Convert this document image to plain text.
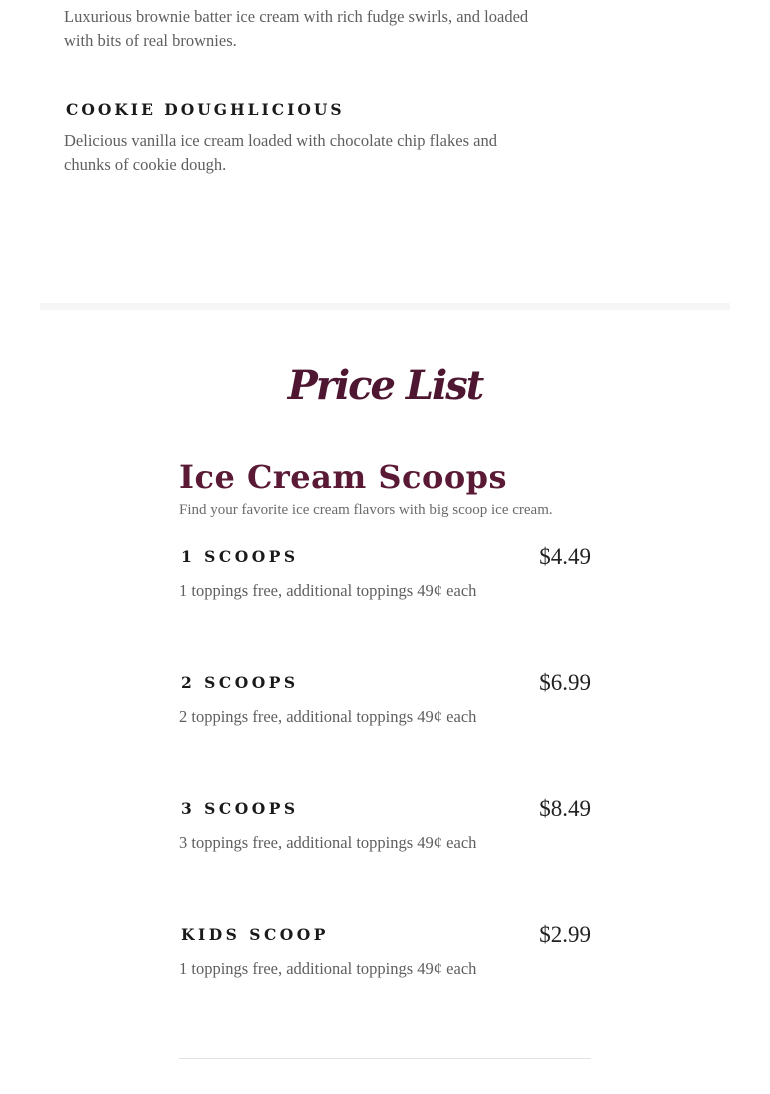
Luxurious brownie batter ice cream with rich fudge swirls, and loaded with bits of real brownies.

COOKIE DOUGHLICIOUS

Delicious vanilla ice cream loaded with chocolate chip flakes and chunks of cookie dough.

Price List
Ice Cream Scoops

Find your favorite ice cream flavors with big scoop ice cream.

1 SCOOPS	$4.49

1 toppings free, additional toppings 49¢ each

2 SCOOPS	$6.99

2 toppings free, additional toppings 49¢ each

3 SCOOPS	$8.49

3 toppings free, additional toppings 49¢ each

KIDS SCOOP	$2.99

1 toppings free, additional toppings 49¢ each
